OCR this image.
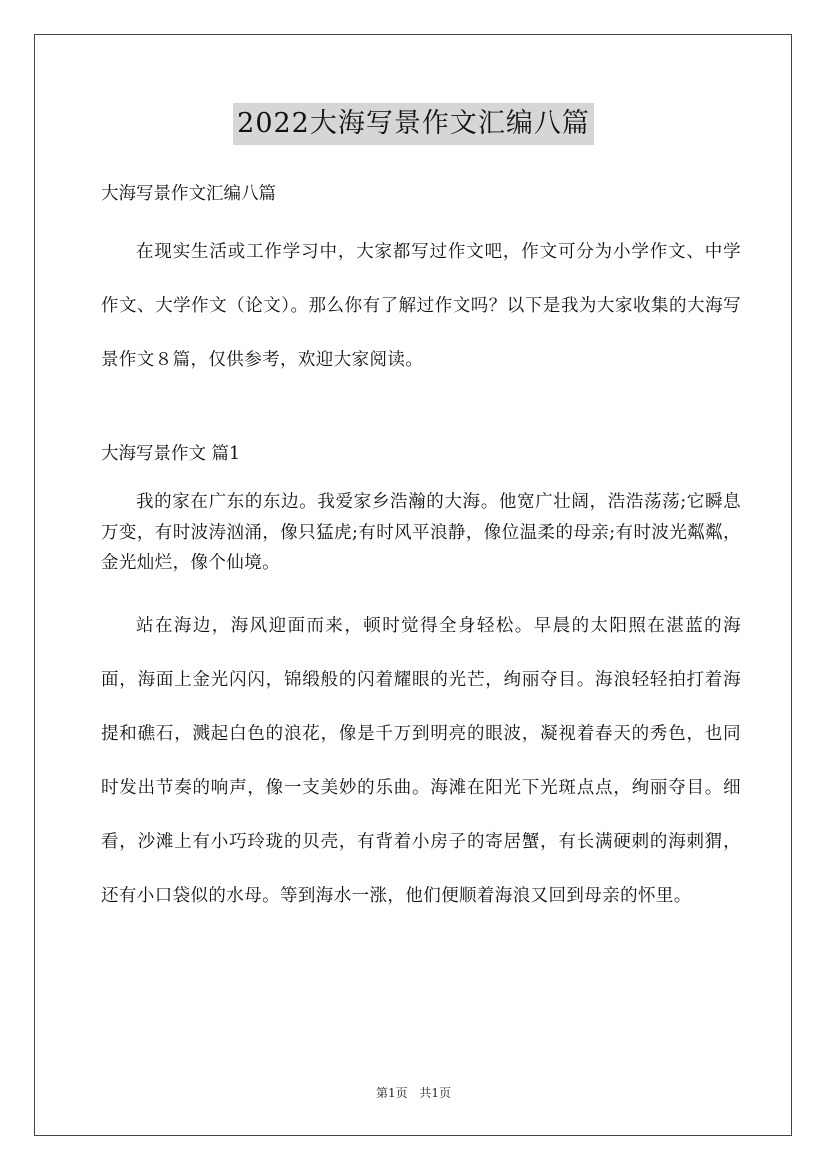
2022大海写景作文汇编八篇

大海写景作文汇编八篇

在现实生活或工作学习中，大家都写过作文吧，作文可分为小学作文、中学作文、大学作文（论文）。那么你有了解过作文吗？以下是我为大家收集的大海写景作文８篇，仅供参考，欢迎大家阅读。

大海写景作文 篇1

我的家在广东的东边。我爱家乡浩瀚的大海。他宽广壮阔，浩浩荡荡;它瞬息万变，有时波涛汹涌，像只猛虎;有时风平浪静，像位温柔的母亲;有时波光粼粼，金光灿烂，像个仙境。

站在海边，海风迎面而来，顿时觉得全身轻松。早晨的太阳照在湛蓝的海面，海面上金光闪闪，锦缎般的闪着耀眼的光芒，绚丽夺目。海浪轻轻拍打着海提和礁石，溅起白色的浪花，像是千万到明亮的眼波，凝视着春天的秀色，也同时发出节奏的响声，像一支美妙的乐曲。海滩在阳光下光斑点点，绚丽夺目。细看，沙滩上有小巧玲珑的贝壳，有背着小房子的寄居蟹，有长满硬刺的海刺猬，还有小口袋似的水母。等到海水一涨，他们便顺着海浪又回到母亲的怀里。

第1页 共1页
